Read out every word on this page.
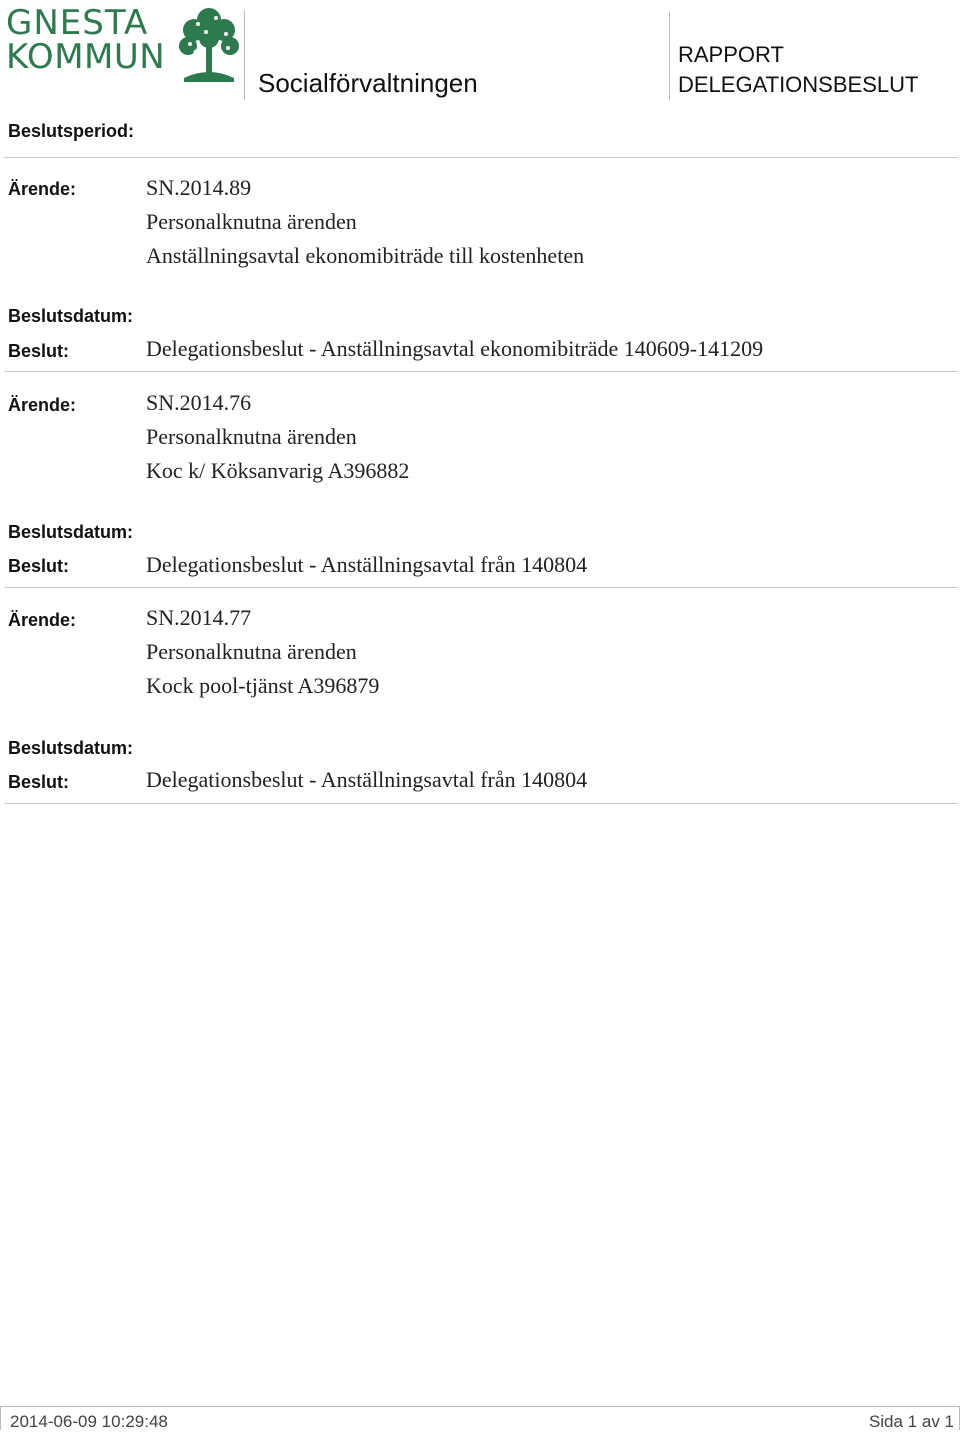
GNESTA
KOMMUN
Socialförvaltningen
RAPPORT
DELEGATIONSBESLUT
Beslutsperiod:
Ärende:	SN.2014.89
Personalknutna ärenden
Anställningsavtal ekonomibiträde till kostenheten
Beslutsdatum:
Beslut:	Delegationsbeslut - Anställningsavtal ekonomibiträde 140609-141209
Ärende:	SN.2014.76
Personalknutna ärenden
Koc k/ Köksanvarig A396882
Beslutsdatum:
Beslut:	Delegationsbeslut - Anställningsavtal från 140804
Ärende:	SN.2014.77
Personalknutna ärenden
Kock pool-tjänst A396879
Beslutsdatum:
Beslut:	Delegationsbeslut - Anställningsavtal från 140804
2014-06-09 10:29:48	Sida 1 av 1
